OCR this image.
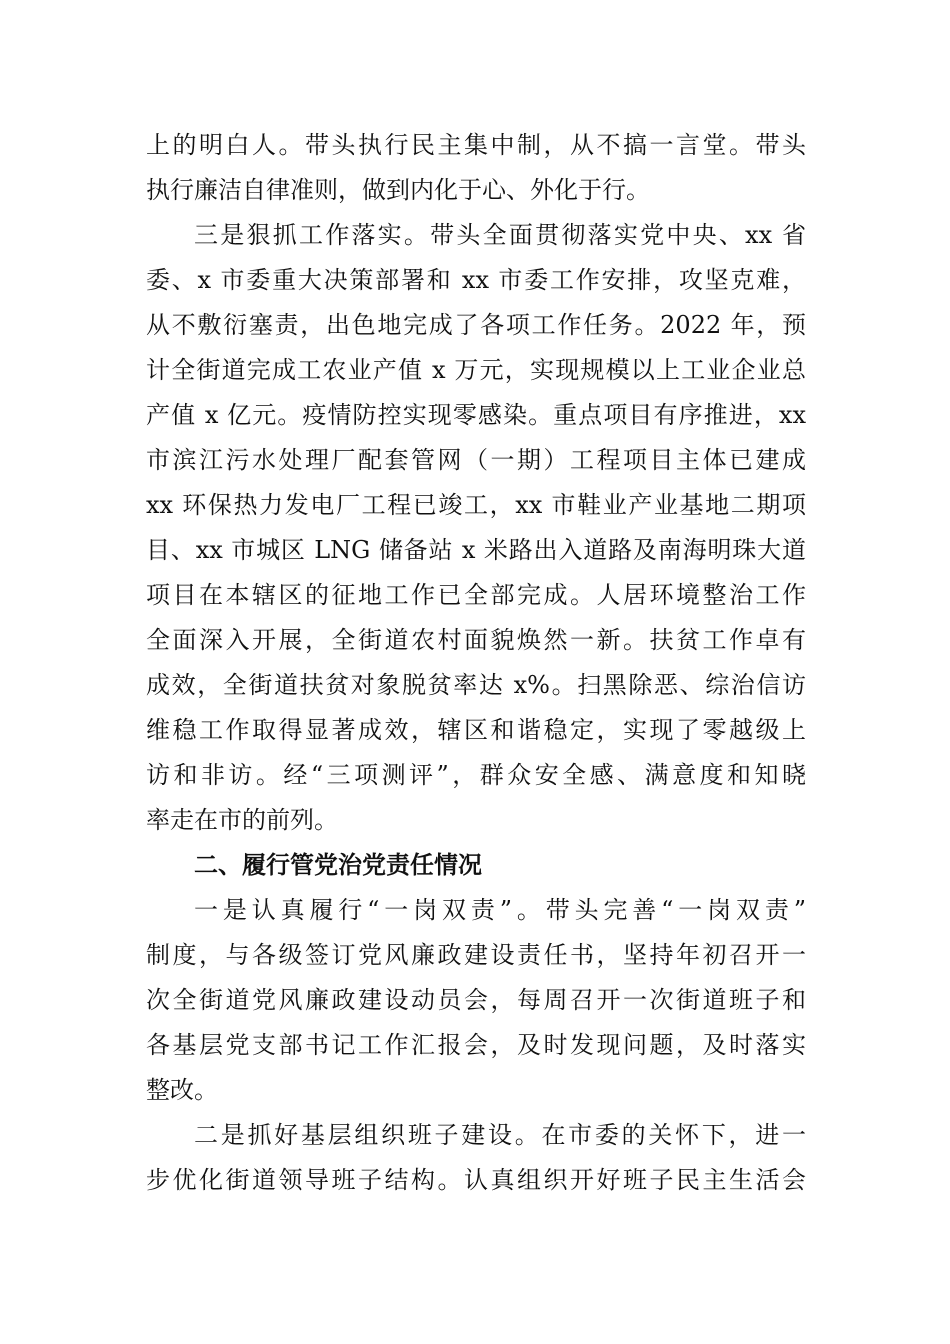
上的明白人。带头执行民主集中制，从不搞一言堂。带头
执行廉洁自律准则，做到内化于心、外化于行。
三是狠抓工作落实。带头全面贯彻落实党中央、xx 省
委、x 市委重大决策部署和 xx 市委工作安排，攻坚克难，
从不敷衍塞责，出色地完成了各项工作任务。2022 年，预
计全街道完成工农业产值 x 万元，实现规模以上工业企业总
产值 x 亿元。疫情防控实现零感染。重点项目有序推进，xx
市滨江污水处理厂配套管网（一期）工程项目主体已建成
xx 环保热力发电厂工程已竣工，xx 市鞋业产业基地二期项
目、xx 市城区 LNG 储备站 x 米路出入道路及南海明珠大道
项目在本辖区的征地工作已全部完成。人居环境整治工作
全面深入开展，全街道农村面貌焕然一新。扶贫工作卓有
成效，全街道扶贫对象脱贫率达 x%。扫黑除恶、综治信访
维稳工作取得显著成效，辖区和谐稳定，实现了零越级上
访和非访。经“三项测评”，群众安全感、满意度和知晓
率走在市的前列。
二、履行管党治党责任情况
一是认真履行“一岗双责”。带头完善“一岗双责”
制度，与各级签订党风廉政建设责任书，坚持年初召开一
次全街道党风廉政建设动员会，每周召开一次街道班子和
各基层党支部书记工作汇报会，及时发现问题，及时落实
整改。
二是抓好基层组织班子建设。在市委的关怀下，进一
步优化街道领导班子结构。认真组织开好班子民主生活会
